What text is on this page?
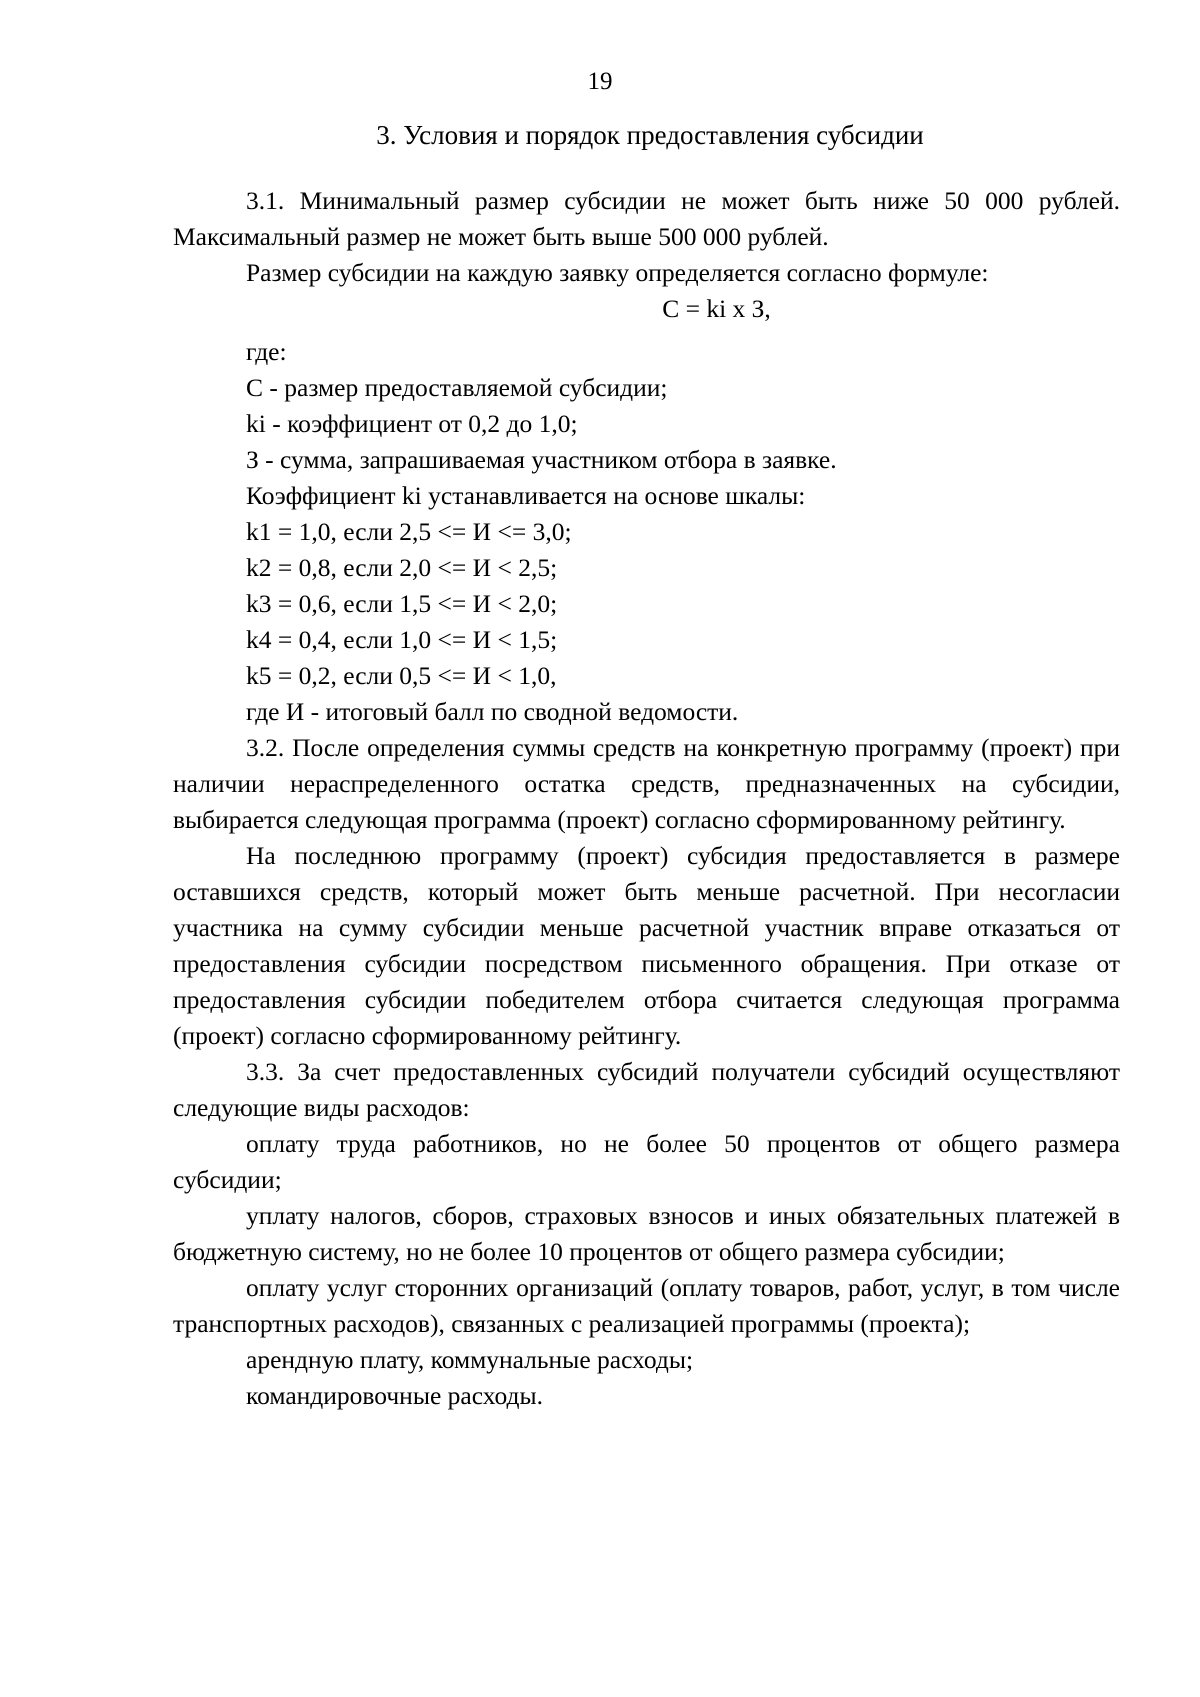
19
3. Условия и порядок предоставления субсидии

3.1. Минимальный размер субсидии не может быть ниже 50 000 рублей. Максимальный размер не может быть выше 500 000 рублей.

Размер субсидии на каждую заявку определяется согласно формуле:

С = ki х З,

где:

С - размер предоставляемой субсидии;

ki - коэффициент от 0,2 до 1,0;

З - сумма, запрашиваемая участником отбора в заявке.

Коэффициент ki устанавливается на основе шкалы:

k1 = 1,0, если 2,5 <= И <= 3,0;

k2 = 0,8, если 2,0 <= И < 2,5;

k3 = 0,6, если 1,5 <= И < 2,0;

k4 = 0,4, если 1,0 <= И < 1,5;

k5 = 0,2, если 0,5 <= И < 1,0,

где И - итоговый балл по сводной ведомости.

3.2. После определения суммы средств на конкретную программу (проект) при наличии нераспределенного остатка средств, предназначенных на субсидии, выбирается следующая программа (проект) согласно сформированному рейтингу.

На последнюю программу (проект) субсидия предоставляется в размере оставшихся средств, который может быть меньше расчетной. При несогласии участника на сумму субсидии меньше расчетной участник вправе отказаться от предоставления субсидии посредством письменного обращения. При отказе от предоставления субсидии победителем отбора считается следующая программа (проект) согласно сформированному рейтингу.

3.3. За счет предоставленных субсидий получатели субсидий осуществляют следующие виды расходов:

оплату труда работников, но не более 50 процентов от общего размера субсидии;

уплату налогов, сборов, страховых взносов и иных обязательных платежей в бюджетную систему, но не более 10 процентов от общего размера субсидии;

оплату услуг сторонних организаций (оплату товаров, работ, услуг, в том числе транспортных расходов), связанных с реализацией программы (проекта);

арендную плату, коммунальные расходы;

командировочные расходы.
